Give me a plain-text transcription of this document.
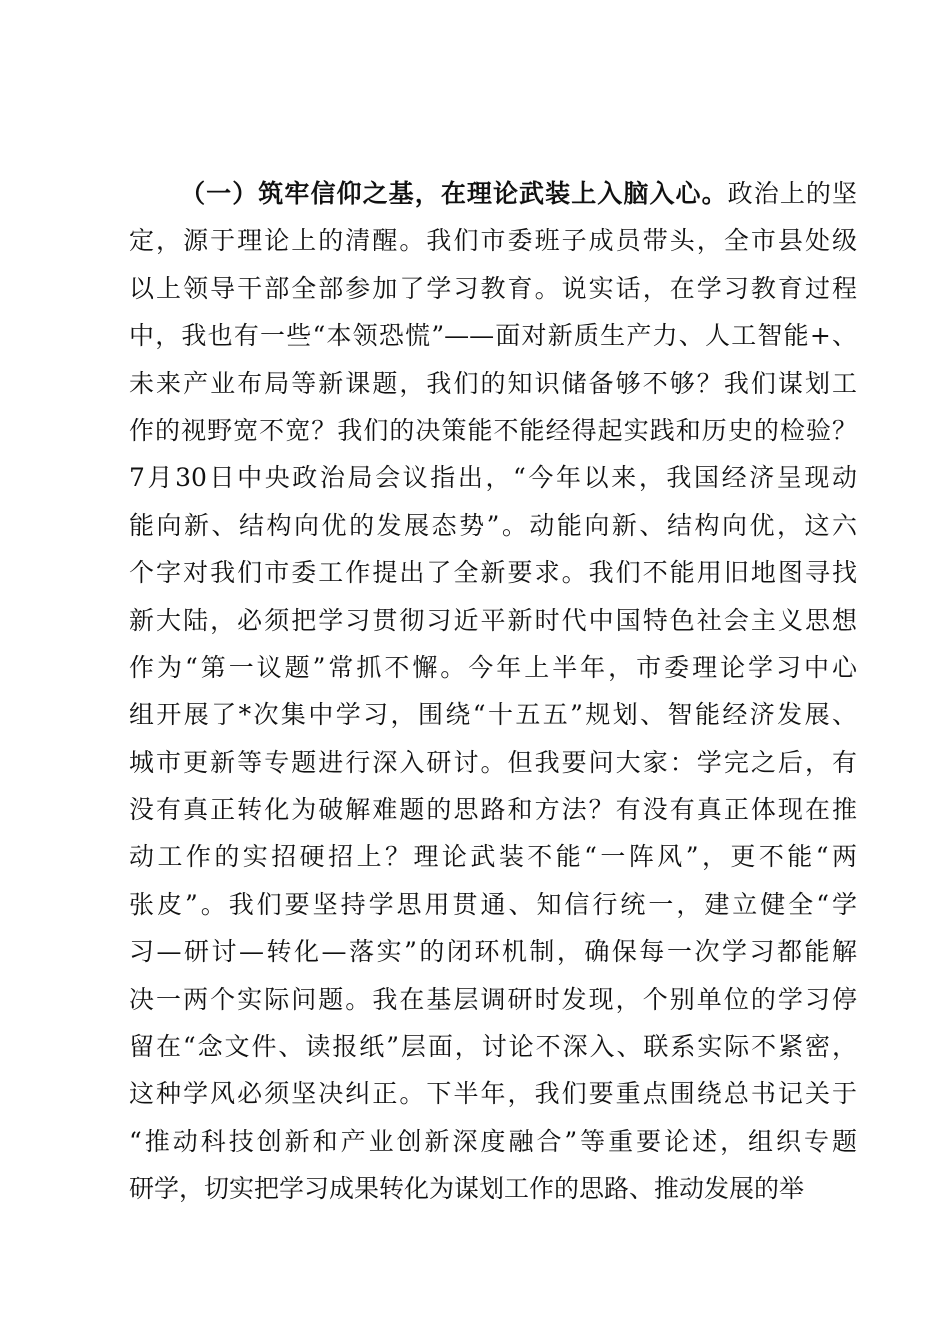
（一）筑牢信仰之基，在理论武装上入脑入心。政治上的坚
定，源于理论上的清醒。我们市委班子成员带头，全市县处级
以上领导干部全部参加了学习教育。说实话，在学习教育过程
中，我也有一些“本领恐慌”——面对新质生产力、人工智能+、
未来产业布局等新课题，我们的知识储备够不够？我们谋划工
作的视野宽不宽？我们的决策能不能经得起实践和历史的检验？
7月30日中央政治局会议指出，“今年以来，我国经济呈现动
能向新、结构向优的发展态势”。动能向新、结构向优，这六
个字对我们市委工作提出了全新要求。我们不能用旧地图寻找
新大陆，必须把学习贯彻习近平新时代中国特色社会主义思想
作为“第一议题”常抓不懈。今年上半年，市委理论学习中心
组开展了*次集中学习，围绕“十五五”规划、智能经济发展、
城市更新等专题进行深入研讨。但我要问大家：学完之后，有
没有真正转化为破解难题的思路和方法？有没有真正体现在推
动工作的实招硬招上？理论武装不能“一阵风”，更不能“两
张皮”。我们要坚持学思用贯通、知信行统一，建立健全“学
习—研讨—转化—落实”的闭环机制，确保每一次学习都能解
决一两个实际问题。我在基层调研时发现，个别单位的学习停
留在“念文件、读报纸”层面，讨论不深入、联系实际不紧密，
这种学风必须坚决纠正。下半年，我们要重点围绕总书记关于
“推动科技创新和产业创新深度融合”等重要论述，组织专题
研学，切实把学习成果转化为谋划工作的思路、推动发展的举
